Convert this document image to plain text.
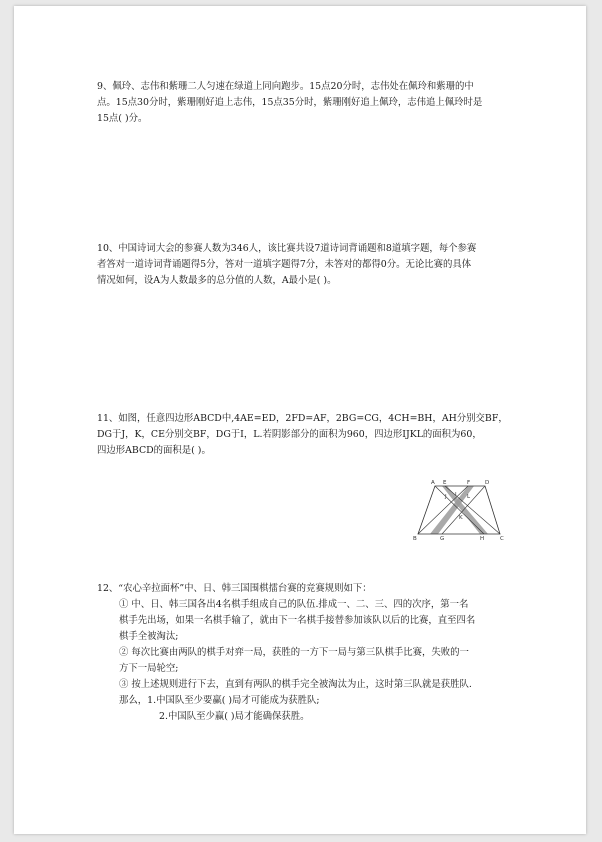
9、佩玲、志伟和紫珊二人匀速在绿道上同向跑步。15点20分时，志伟处在佩玲和紫珊的中

点。15点30分时，紫珊刚好追上志伟，15点35分时，紫珊刚好追上佩玲，志伟追上佩玲时是

15点( )分。

10、中国诗词大会的参赛人数为346人，该比赛共设7道诗词背诵题和8道填字题，每个参赛

者答对一道诗词背诵题得5分，答对一道填字题得7分，未答对的都得0分。无论比赛的具体

情况如何，设A为人数最多的总分值的人数，A最小是( )。

11、如图，任意四边形ABCD中,4AE=ED，2FD=AF，2BG=CG，4CH=BH，AH分别交BF，

DG于J，K，CE分别交BF，DG于I，L.若阴影部分的面积为960，四边形IJKL的面积为60，

四边形ABCD的面积是( )。

A E	F	D
J I L
K
B	G	H	C

12、“农心辛拉面杯”中、日、韩三国围棋擂台赛的竞赛规则如下：

① 中、日、韩三国各出4名棋手组成自己的队伍.排成一、二、三、四的次序，第一名

棋手先出场，如果一名棋手输了，就由下一名棋手接替参加该队以后的比赛，直至四名

棋手全被淘汰;

② 每次比赛由两队的棋手对弈一局，获胜的一方下一局与第三队棋手比赛，失败的一

方下一局轮空;

③ 按上述规则进行下去，直到有两队的棋手完全被淘汰为止，这时第三队就是获胜队.

那么，1.中国队至少要赢( )局才可能成为获胜队;

2.中国队至少赢( )局才能确保获胜。
